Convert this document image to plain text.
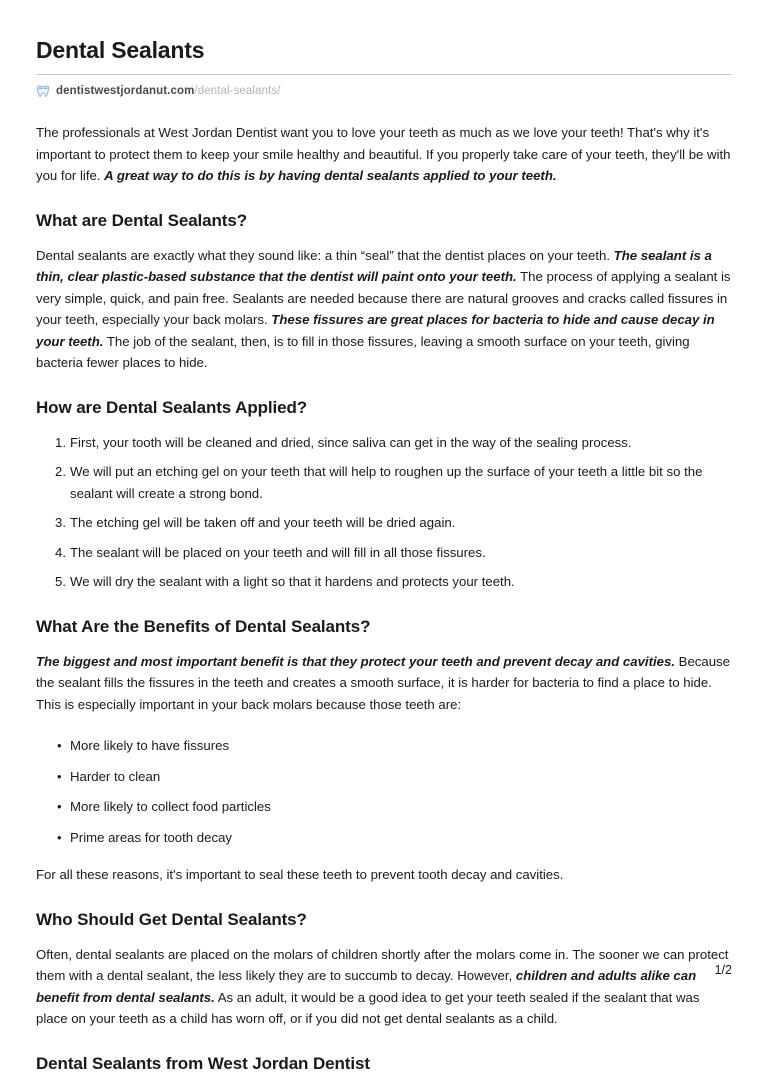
Dental Sealants
dentistwestjordanut.com /dental-sealants/

The professionals at West Jordan Dentist want you to love your teeth as much as we love your teeth! That's why it's important to protect them to keep your smile healthy and beautiful. If you properly take care of your teeth, they'll be with you for life. A great way to do this is by having dental sealants applied to your teeth.

What are Dental Sealants?

Dental sealants are exactly what they sound like: a thin “seal” that the dentist places on your teeth. The sealant is a thin, clear plastic-based substance that the dentist will paint onto your teeth. The process of applying a sealant is very simple, quick, and pain free. Sealants are needed because there are natural grooves and cracks called fissures in your teeth, especially your back molars. These fissures are great places for bacteria to hide and cause decay in your teeth. The job of the sealant, then, is to fill in those fissures, leaving a smooth surface on your teeth, giving bacteria fewer places to hide.

How are Dental Sealants Applied?
First, your tooth will be cleaned and dried, since saliva can get in the way of the sealing process.
We will put an etching gel on your teeth that will help to roughen up the surface of your teeth a little bit so the sealant will create a strong bond.
The etching gel will be taken off and your teeth will be dried again.
The sealant will be placed on your teeth and will fill in all those fissures.
We will dry the sealant with a light so that it hardens and protects your teeth.
What Are the Benefits of Dental Sealants?

The biggest and most important benefit is that they protect your teeth and prevent decay and cavities. Because the sealant fills the fissures in the teeth and creates a smooth surface, it is harder for bacteria to find a place to hide. This is especially important in your back molars because those teeth are:

• More likely to have fissures
• Harder to clean
• More likely to collect food particles
• Prime areas for tooth decay

For all these reasons, it's important to seal these teeth to prevent tooth decay and cavities.

Who Should Get Dental Sealants?

Often, dental sealants are placed on the molars of children shortly after the molars come in. The sooner we can protect them with a dental sealant, the less likely they are to succumb to decay. However, children and adults alike can benefit from dental sealants. As an adult, it would be a good idea to get your teeth sealed if the sealant that was place on your teeth as a child has worn off, or if you did not get dental sealants as a child.

Dental Sealants from West Jordan Dentist
1/2
